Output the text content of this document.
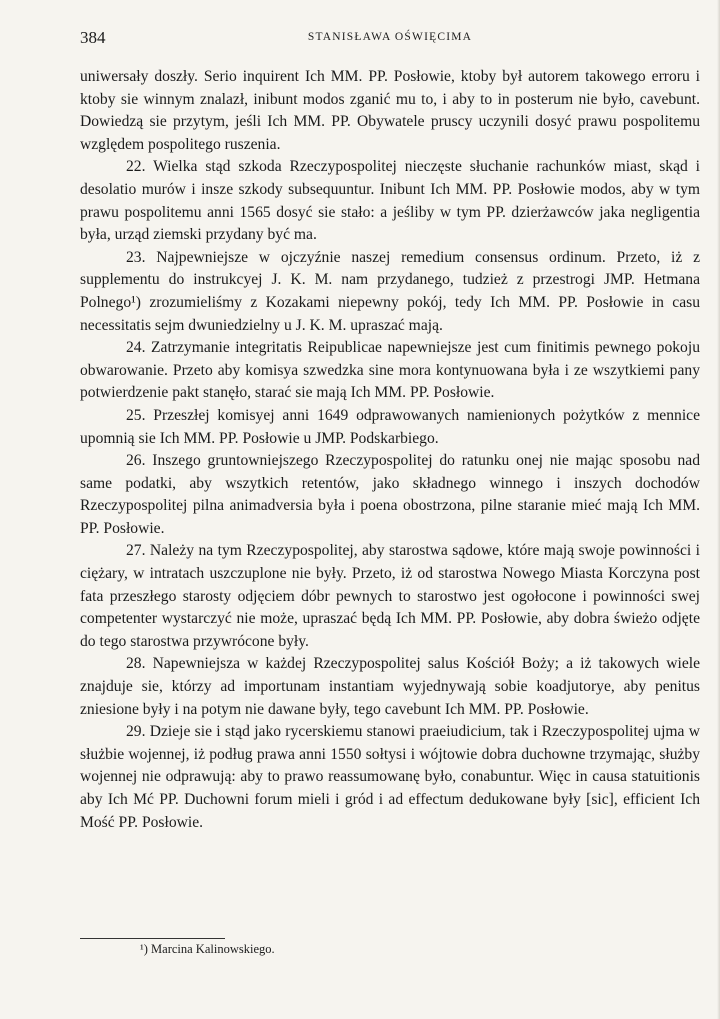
384	STANISŁAWA OŚWIĘCIMA

uniwersały doszły. Serio inquirent Ich MM. PP. Posłowie, ktoby był autorem takowego erroru i ktoby sie winnym znalazł, inibunt modos zganić mu to, i aby to in posterum nie było, cavebunt. Dowiedzą sie przytym, jeśli Ich MM. PP. Obywatele pruscy uczynili dosyć prawu pospolitemu względem pospolitego ruszenia.

22. Wielka stąd szkoda Rzeczypospolitej nieczęste słuchanie rachunków miast, skąd i desolatio murów i insze szkody subsequuntur. Inibunt Ich MM. PP. Posłowie modos, aby w tym prawu pospolitemu anni 1565 dosyć sie stało: a jeśliby w tym PP. dzierżawców jaka negligentia była, urząd ziemski przydany być ma.

23. Najpewniejsze w ojczyźnie naszej remedium consensus ordinum. Przeto, iż z supplementu do instrukcyej J. K. M. nam przydanego, tudzież z przestrogi JMP. Hetmana Polnego¹) zrozumieliśmy z Kozakami niepewny pokój, tedy Ich MM. PP. Posłowie in casu necessitatis sejm dwuniedzielny u J. K. M. upraszać mają.

24. Zatrzymanie integritatis Reipublicae napewniejsze jest cum finitimis pewnego pokoju obwarowanie. Przeto aby komisya szwedzka sine mora kontynuowana była i ze wszytkiemi pany potwierdzenie pakt stanęło, starać sie mają Ich MM. PP. Posłowie.

25. Przeszłej komisyej anni 1649 odprawowanych namienionych pożytków z mennice upomnią sie Ich MM. PP. Posłowie u JMP. Podskarbiego.

26. Inszego gruntowniejszego Rzeczypospolitej do ratunku onej nie mając sposobu nad same podatki, aby wszytkich retentów, jako składnego winnego i inszych dochodów Rzeczypospolitej pilna animadversia była i poena obostrzona, pilne staranie mieć mają Ich MM. PP. Posłowie.

27. Należy na tym Rzeczypospolitej, aby starostwa sądowe, które mają swoje powinności i ciężary, w intratach uszczuplone nie były. Przeto, iż od starostwa Nowego Miasta Korczyna post fata przeszłego starosty odjęciem dóbr pewnych to starostwo jest ogołocone i powinności swej competenter wystarczyć nie może, upraszać będą Ich MM. PP. Posłowie, aby dobra świeżo odjęte do tego starostwa przywrócone były.

28. Napewniejsza w każdej Rzeczypospolitej salus Kościół Boży; a iż takowych wiele znajduje sie, którzy ad importunam instantiam wyjednywają sobie koadjutorye, aby penitus zniesione były i na potym nie dawane były, tego cavebunt Ich MM. PP. Posłowie.

29. Dzieje sie i stąd jako rycerskiemu stanowi praeiudicium, tak i Rzeczypospolitej ujma w służbie wojennej, iż podług prawa anni 1550 sołtysi i wójtowie dobra duchowne trzymając, służby wojennej nie odprawują: aby to prawo reassumowanę było, conabuntur. Więc in causa statuitionis aby Ich Mć PP. Duchowni forum mieli i gród i ad effectum dedukowane były [sic], efficient Ich Mość PP. Posłowie.

¹) Marcina Kalinowskiego.
